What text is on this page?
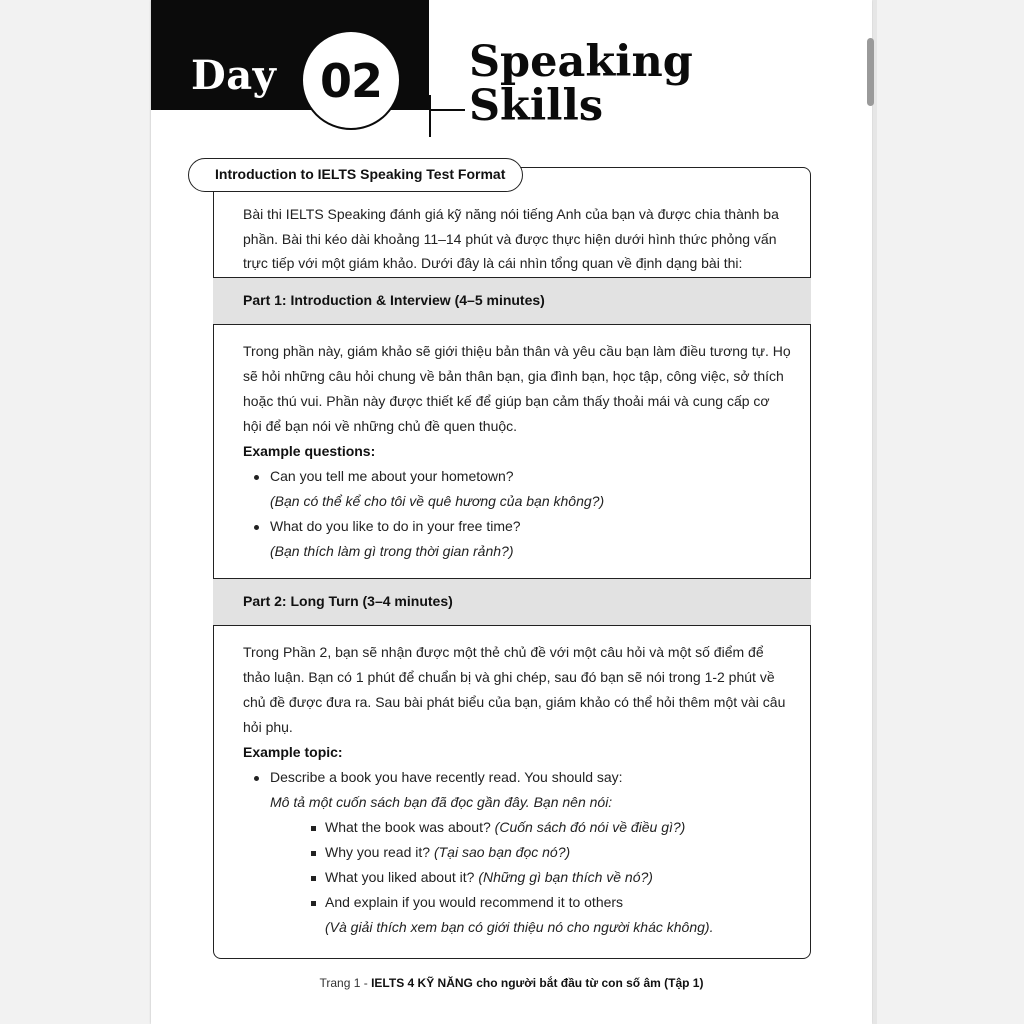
Day 02	Speaking
Skills
Introduction to IELTS Speaking Test Format

Bài thi IELTS Speaking đánh giá kỹ năng nói tiếng Anh của bạn và được chia thành ba phần. Bài thi kéo dài khoảng 11–14 phút và được thực hiện dưới hình thức phỏng vấn trực tiếp với một giám khảo. Dưới đây là cái nhìn tổng quan về định dạng bài thi:

Part 1: Introduction & Interview (4–5 minutes)

Trong phần này, giám khảo sẽ giới thiệu bản thân và yêu cầu bạn làm điều tương tự. Họ sẽ hỏi những câu hỏi chung về bản thân bạn, gia đình bạn, học tập, công việc, sở thích hoặc thú vui. Phần này được thiết kế để giúp bạn cảm thấy thoải mái và cung cấp cơ hội để bạn nói về những chủ đề quen thuộc.

Example questions:

Can you tell me about your hometown?
(Bạn có thể kể cho tôi về quê hương của bạn không?)
What do you like to do in your free time?
(Bạn thích làm gì trong thời gian rảnh?)
Part 2: Long Turn (3–4 minutes)

Trong Phần 2, bạn sẽ nhận được một thẻ chủ đề với một câu hỏi và một số điểm để thảo luận. Bạn có 1 phút để chuẩn bị và ghi chép, sau đó bạn sẽ nói trong 1-2 phút về chủ đề được đưa ra. Sau bài phát biểu của bạn, giám khảo có thể hỏi thêm một vài câu hỏi phụ.

Example topic:

Describe a book you have recently read. You should say:
Mô tả một cuốn sách bạn đã đọc gần đây. Bạn nên nói:
What the book was about? (Cuốn sách đó nói về điều gì?)
Why you read it? (Tại sao bạn đọc nó?)
What you liked about it? (Những gì bạn thích về nó?)
And explain if you would recommend it to others
(Và giải thích xem bạn có giới thiệu nó cho người khác không).
Trang 1 - IELTS 4 KỸ NĂNG cho người bắt đầu từ con số âm (Tập 1)
